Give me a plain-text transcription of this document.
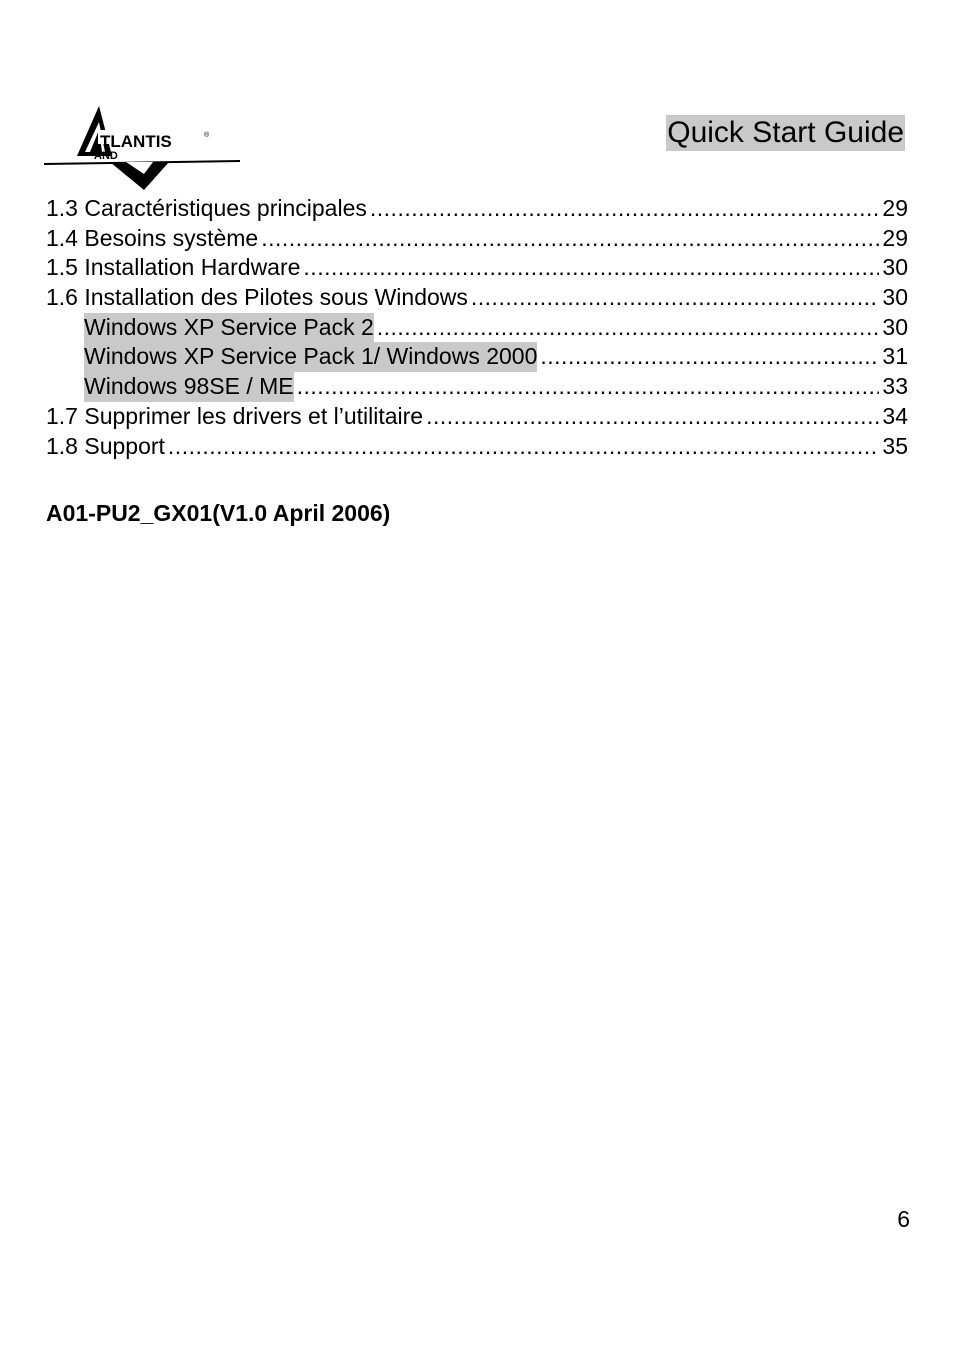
TLANTIS	®
AND
Quick Start Guide
1.3 Caractéristiques principales .....	29
1.4 Besoins système .....	29
1.5 Installation Hardware .....	30
1.6 Installation des Pilotes sous Windows .....	30
Windows XP Service Pack 2 .....	30
Windows XP Service Pack 1/ Windows 2000 .....	31
Windows 98SE / ME .....	33
1.7 Supprimer les drivers et l’utilitaire .....	34
1.8 Support .....	35
A01-PU2_GX01(V1.0 April 2006)
6
